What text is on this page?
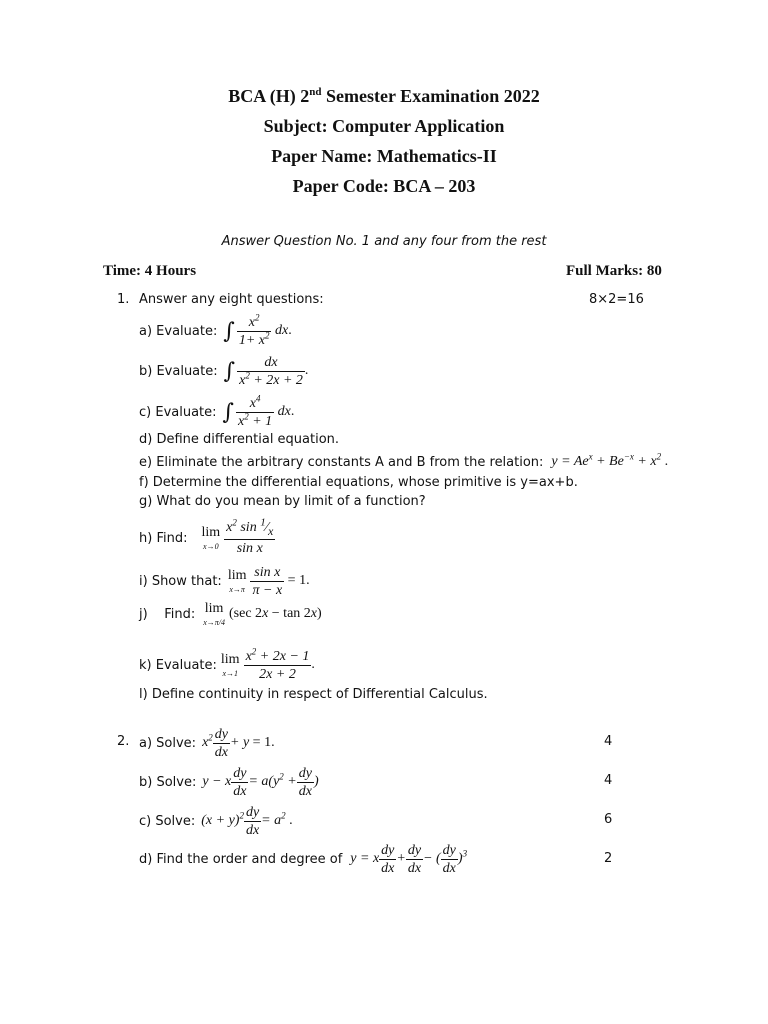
BCA (H) 2nd Semester Examination 2022
Subject: Computer Application
Paper Name: Mathematics-II
Paper Code: BCA – 203
Answer Question No. 1 and any four from the rest
Time: 4 Hours	Full Marks: 80
1. Answer any eight questions:	8×2=16
a) Evaluate: ∫ $\frac{x^2}{1+ x^2}$ dx .
b) Evaluate: ∫ $\frac{dx}{x^2 + 2x + 2}$ .
c) Evaluate: ∫ $\frac{x^4}{x^2 + 1}$ dx .
d) Define differential equation.
e) Eliminate the arbitrary constants A and B from the relation: $y = Ae^x + Be^{-x} + x^2$ .
f) Determine the differential equations, whose primitive is y=ax+b.
g) What do you mean by limit of a function?
h) Find: lim
$x\to 0 \frac{x^2 \sin ^1⁄_x}{\text{sin x}}$
i) Show that: lim
$x\to\pi \frac{\text{sin x}}{\pi - x} = 1$.
j)    Find: lim
x→π/4
(sec 2x − tan 2x)
k) Evaluate: lim
$x\to 1 \frac{x^2 + 2x - 1}{2x + 2}$ .
l) Define continuity in respect of Differential Calculus.
2. a) Solve: $x^2 \frac{dy}{dx} + y = 1$.	4
b) Solve: y − x $\frac{dy}{dx} = a(y^2 + \frac{dy}{dx}$ )	4
c) Solve: $(x + y)^2 \frac{dy}{dx} = a^2$ .	6
d) Find the order and degree of y = x $\frac{dy}{dx} + \frac{dy}{dx}$ − ( $\frac{dy}{dx} )^3$	2
